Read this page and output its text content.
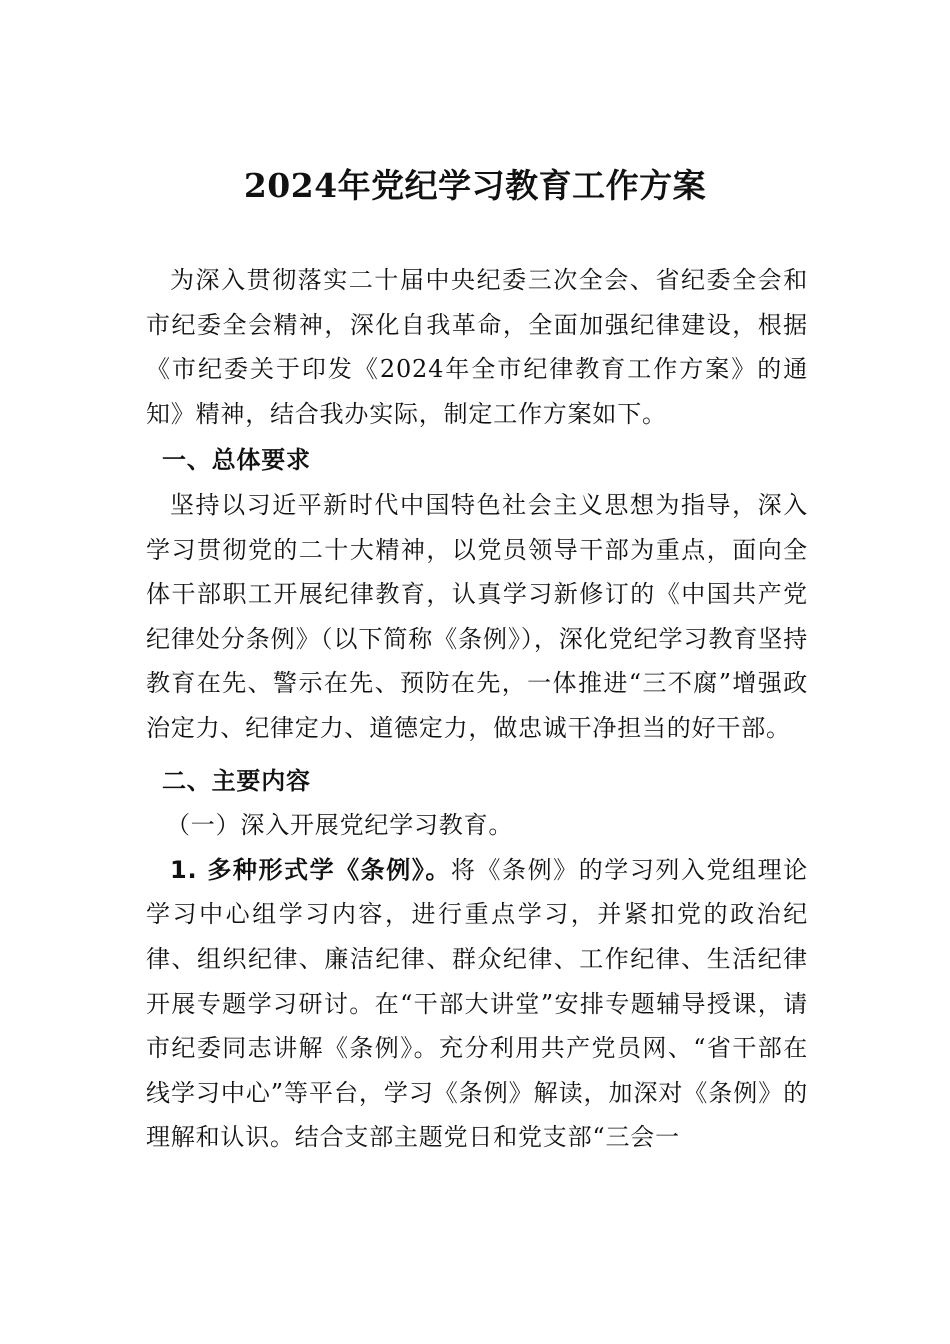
2024年党纪学习教育工作方案

为深入贯彻落实二十届中央纪委三次全会、省纪委全会和市纪委全会精神，深化自我革命，全面加强纪律建设，根据《市纪委关于印发《2024年全市纪律教育工作方案》的通知》精神，结合我办实际，制定工作方案如下。

一、总体要求

坚持以习近平新时代中国特色社会主义思想为指导，深入学习贯彻党的二十大精神，以党员领导干部为重点，面向全体干部职工开展纪律教育，认真学习新修订的《中国共产党纪律处分条例》（以下简称《条例》），深化党纪学习教育坚持教育在先、警示在先、预防在先，一体推进“三不腐”增强政治定力、纪律定力、道德定力，做忠诚干净担当的好干部。

二、主要内容

（一）深入开展党纪学习教育。

1. 多种形式学《条例》。将《条例》的学习列入党组理论学习中心组学习内容，进行重点学习，并紧扣党的政治纪律、组织纪律、廉洁纪律、群众纪律、工作纪律、生活纪律开展专题学习研讨。在“干部大讲堂”安排专题辅导授课，请市纪委同志讲解《条例》。充分利用共产党员网、“省干部在线学习中心”等平台，学习《条例》解读，加深对《条例》的理解和认识。结合支部主题党日和党支部“三会一
